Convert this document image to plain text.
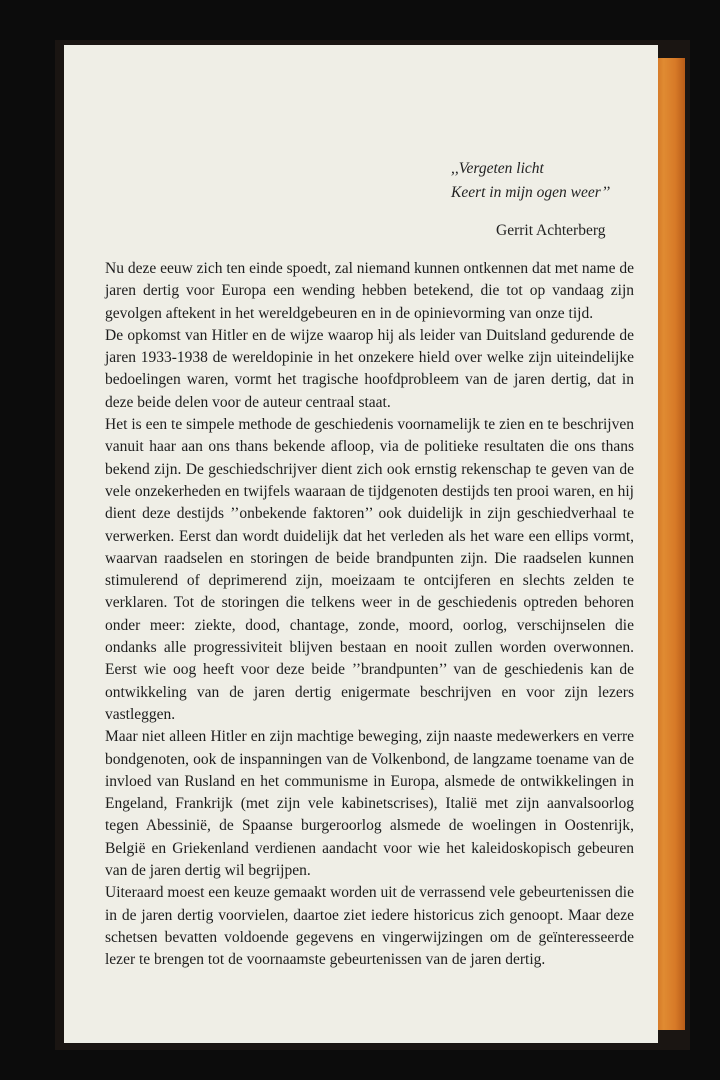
,,Vergeten licht
Keert in mijn ogen weer’’
Gerrit Achterberg

Nu deze eeuw zich ten einde spoedt, zal niemand kunnen ontkennen dat met name de jaren dertig voor Europa een wending hebben betekend, die tot op vandaag zijn gevolgen aftekent in het wereldgebeuren en in de opinievorming van onze tijd.

De opkomst van Hitler en de wijze waarop hij als leider van Duitsland gedurende de jaren 1933-1938 de wereldopinie in het onzekere hield over welke zijn uiteindelijke bedoelingen waren, vormt het tragische hoofdprobleem van de jaren dertig, dat in deze beide delen voor de auteur centraal staat.

Het is een te simpele methode de geschiedenis voornamelijk te zien en te beschrijven vanuit haar aan ons thans bekende afloop, via de politieke resultaten die ons thans bekend zijn. De geschiedschrijver dient zich ook ernstig rekenschap te geven van de vele onzekerheden en twijfels waaraan de tijdgenoten destijds ten prooi waren, en hij dient deze destijds ’’onbekende faktoren’’ ook duidelijk in zijn geschiedverhaal te verwerken. Eerst dan wordt duidelijk dat het verleden als het ware een ellips vormt, waarvan raadselen en storingen de beide brandpunten zijn. Die raadselen kunnen stimulerend of deprimerend zijn, moeizaam te ontcijferen en slechts zelden te verklaren. Tot de storingen die telkens weer in de geschiedenis optreden behoren onder meer: ziekte, dood, chantage, zonde, moord, oorlog, verschijnselen die ondanks alle progressiviteit blijven bestaan en nooit zullen worden overwonnen. Eerst wie oog heeft voor deze beide ’’brandpunten’’ van de geschiedenis kan de ontwikkeling van de jaren dertig enigermate beschrijven en voor zijn lezers vastleggen.

Maar niet alleen Hitler en zijn machtige beweging, zijn naaste medewerkers en verre bondgenoten, ook de inspanningen van de Volkenbond, de langzame toename van de invloed van Rusland en het communisme in Europa, alsmede de ontwikkelingen in Engeland, Frankrijk (met zijn vele kabinetscrises), Italië met zijn aanvalsoorlog tegen Abessinië, de Spaanse burgeroorlog alsmede de woelingen in Oostenrijk, België en Griekenland verdienen aandacht voor wie het kaleidoskopisch gebeuren van de jaren dertig wil begrijpen.

Uiteraard moest een keuze gemaakt worden uit de verrassend vele gebeurtenissen die in de jaren dertig voorvielen, daartoe ziet iedere historicus zich genoopt. Maar deze schetsen bevatten voldoende gegevens en vingerwijzingen om de geïnteresseerde lezer te brengen tot de voornaamste gebeurtenissen van de jaren dertig.
